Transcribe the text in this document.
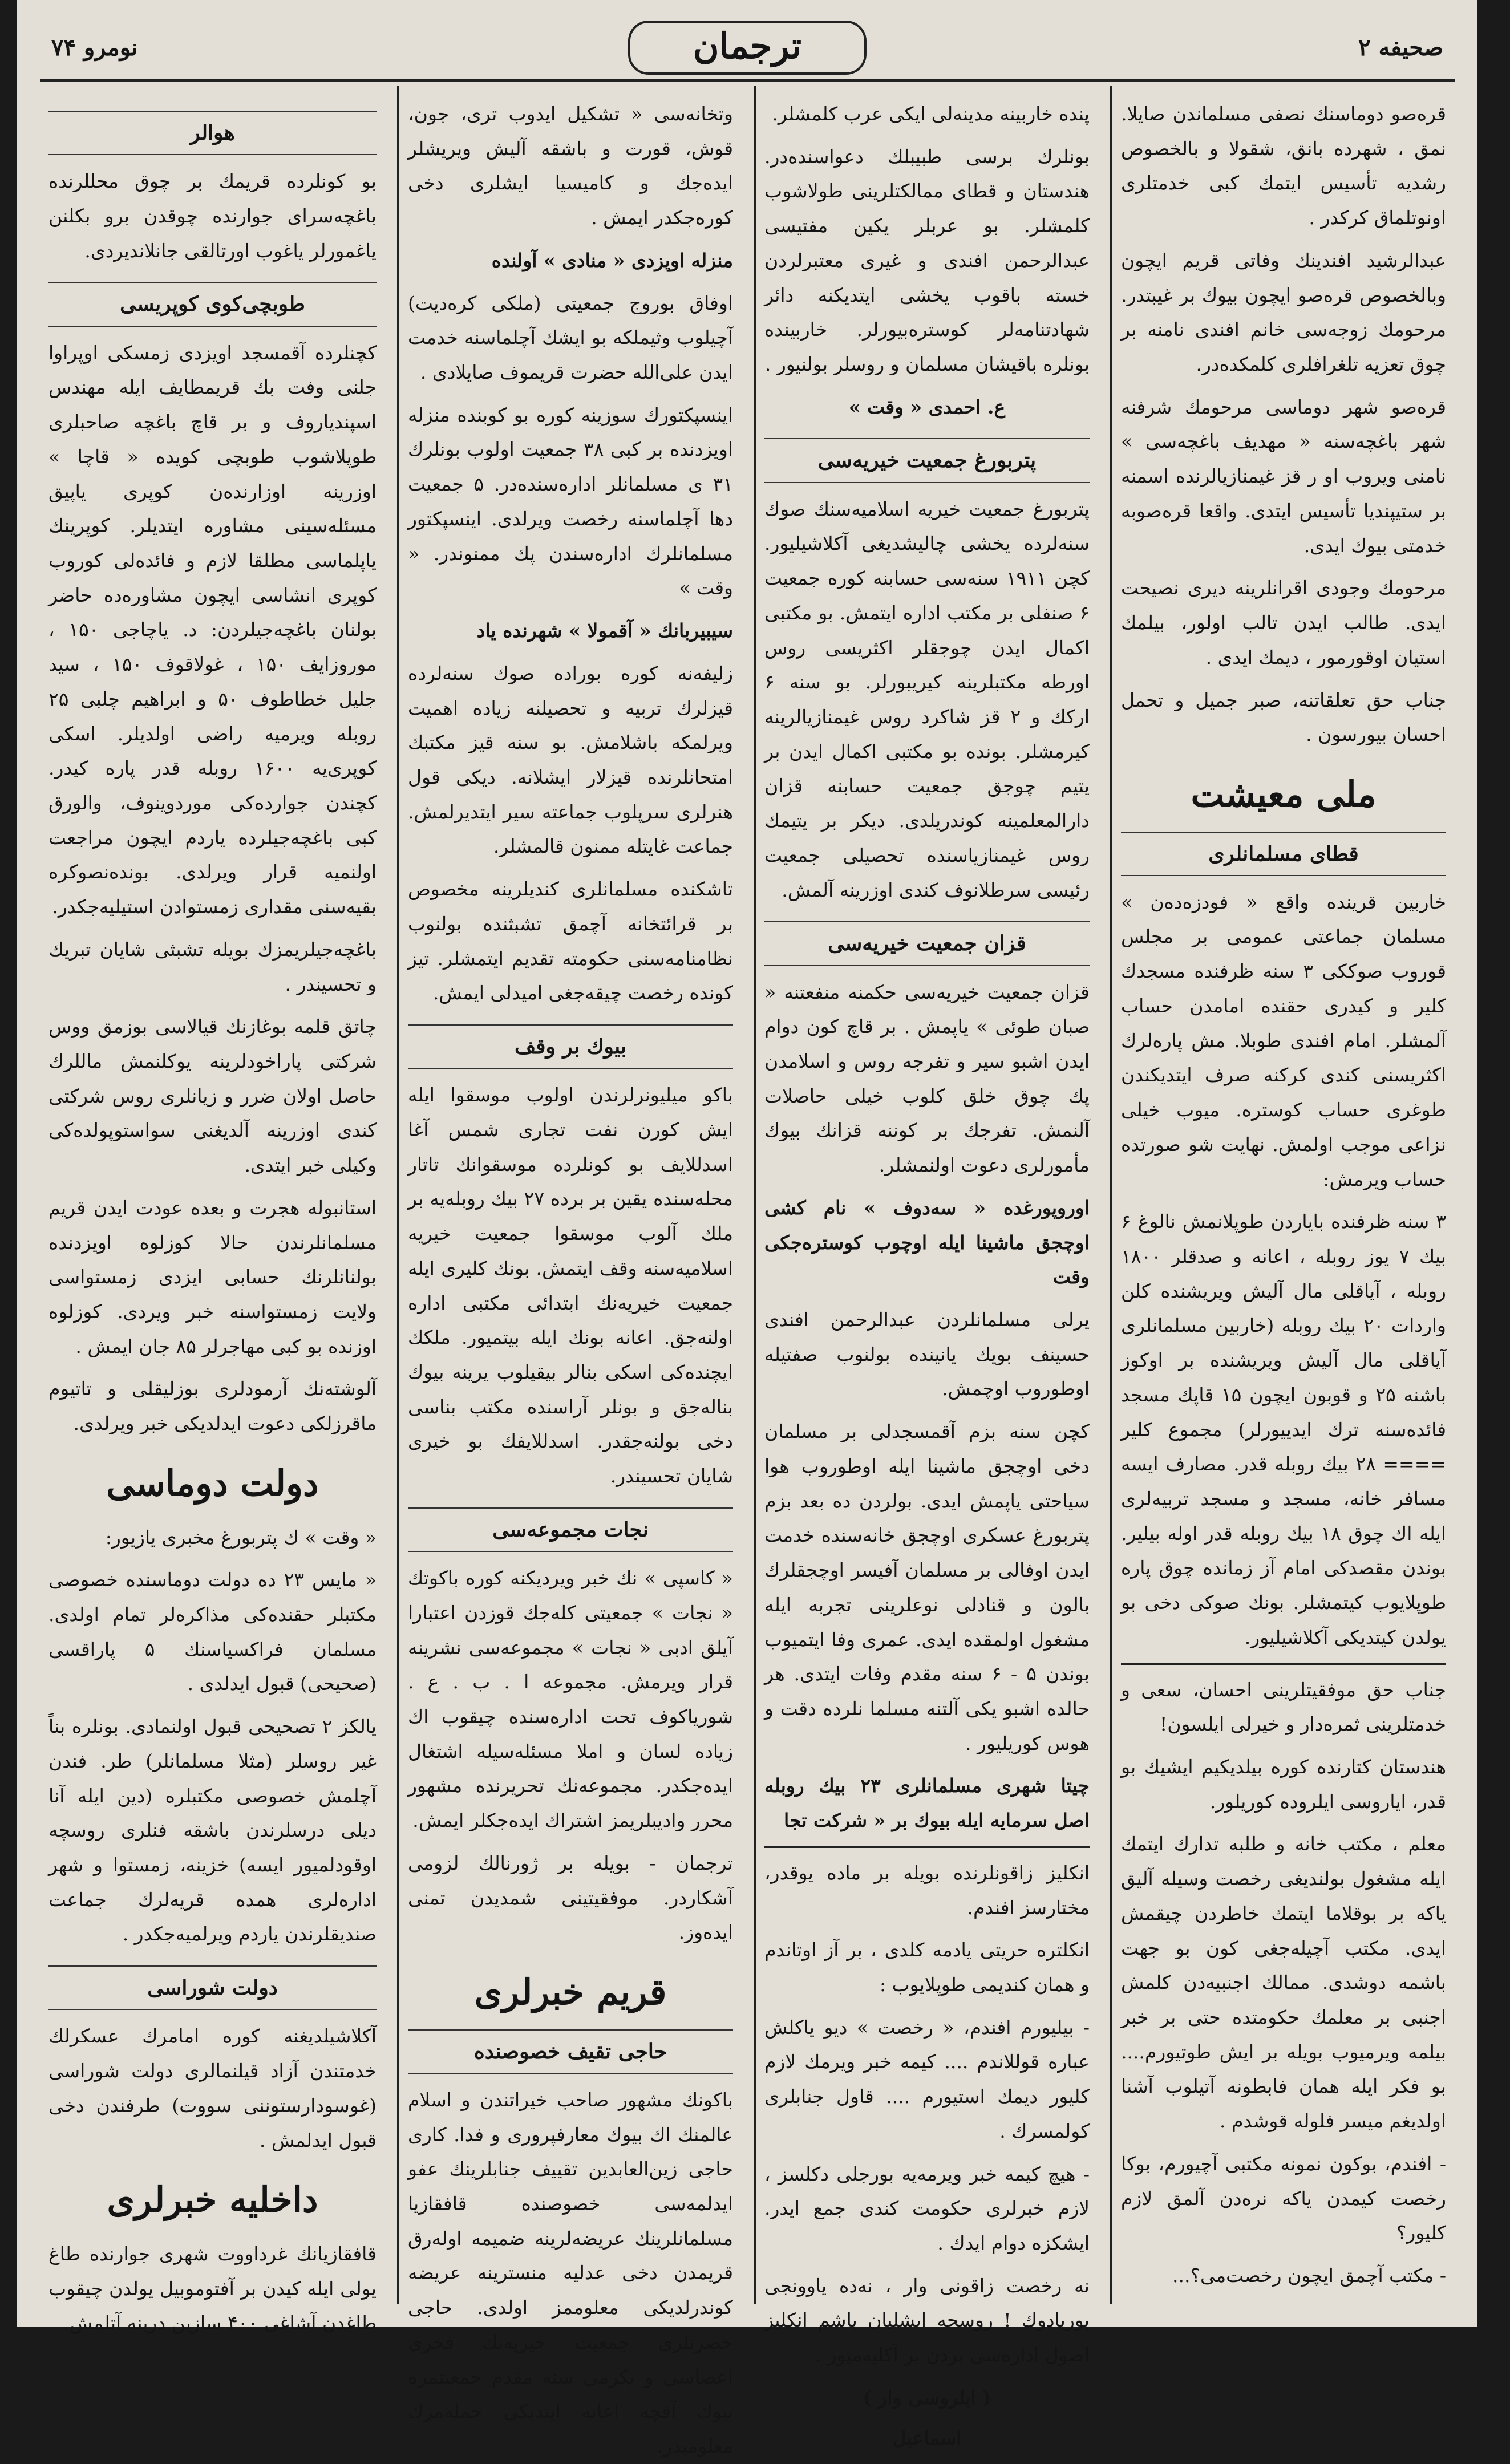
صحیفه ۲
ترجمان
نومرو ۷۴

قره‌صو دوماسنك نصفی مسلماندن صایلا. نمق ، شهرده بانق، شقولا و بالخصوص رشدیه تأسیس ایتمك كبی خدمتلری اونوتلماق كركدر .

عبدالرشید افندینك وفاتی قریم ایچون وبالخصوص قره‌صو ایچون بیوك بر غیبتدر. مرحومك زوجه‌سی خانم افندی نامنه بر چوق تعزیه تلغرافلری كلمكده‌در.

قره‌صو شهر دوماسی مرحومك شرفنه شهر باغچه‌سنه « مهدیف باغچه‌سی » نامنی ویروب او ر قز غیمنازیالرنده اسمنه بر ستیپندیا تأسیس ایتدی. واقعا قره‌صوبه خدمتی بیوك ایدی.

مرحومك وجودی اقرانلرینه دیری نصیحت ایدی. طالب ایدن تالب اولور، بیلمك استیان اوقورمور ، دیمك ایدی .

جناب حق تعلقاتنه، صبر جمیل و تحمل احسان بیورسون .

ملی معیشت
قطای مسلمانلری

خاربین قرینده واقع « فودزه‌ده‌ن » مسلمان جماعتی عمومی بر مجلس قوروب صوككی ۳ سنه ظرفنده مسجدك كلیر و كیدری حقنده امامدن حساب آلمشلر. امام افندی طوبلا. مش پاره‌لرك اكثریسنی كندی كركنه صرف ایتدیكندن طوغری حساب كوستره. میوب خیلی نزاعی موجب اولمش. نهایت شو صورتده حساب ویرمش:

۳ سنه ظرفنده بایاردن طوپلانمش نالوغ ۶ بیك ۷ یوز روبله ، اعانه و صدقلر ۱۸۰۰ روبله ، آیاقلی مال آلیش ویریشنده كلن واردات ۲۰ بیك روبله (خاربین مسلمانلری آیاقلی مال آلیش ویریشنده بر اوكوز باشنه ۲۵ و قوبون ایچون ۱۵ قاپك مسجد فائده‌سنه ترك ایدییورلر) مجموع كلیر ==== ۲۸ بیك روبله قدر. مصارف ایسه مسافر خانه، مسجد و مسجد تربیه‌لری ایله اك چوق ۱۸ بیك روبله قدر اوله بیلیر. بوندن مقصدكی امام آز زمانده چوق پاره طوپلایوب كیتمشلر. بونك صوكی دخی بو یولدن كیتدیكی آكلاشیلیور.

جناب حق موفقیتلرینی احسان، سعی و خدمتلرینی ثمره‌دار و خیرلی ایلسون!

هندستان كتارنده كوره بیلدیكیم ایشیك بو قدر، ایاروسی ایلروده كوریلور.

معلم ، مكتب خانه و طلبه تدارك ایتمك ایله مشغول بولندیغی رخصت وسیله آلیق یاكه بر بوقلاما ایتمك خاطردن چیقمش ایدی. مكتب آچیله‌جغی كون بو جهت باشمه دوشدی. ممالك اجنبیه‌دن كلمش اجنبی بر معلمك حكومتده حتی بر خبر بیلمه ویرمیوب بویله بر ایش طوتیورم.... بو فكر ایله همان فابطونه آتیلوب آشنا اولدیغم میسر فلوله قوشدم .

- افندم، بوكون نمونه مكتبی آچیورم، بوكا رخصت كیمدن یاكه نره‌دن آلمق لازم كلیور؟

- مكتب آچمق ایچون رخصت‌می؟...

پنده خاربینه مدینه‌لی ایكی عرب كلمشلر.

بونلرك برسی طبیبلك دعواسنده‌در. هندستان و قطای ممالكتلرینی طولاشوب كلمشلر. بو عربلر یكین مفتیسی عبدالرحمن افندی و غیری معتبرلردن خسته باقوب یخشی ایتدیكنه دائر شهادتنامه‌لر كوستره‌بیورلر. خاربینده بونلره باقیشان مسلمان و روسلر بولنیور .

ع. احمدی « وقت »
پتربورغ جمعیت خیریه‌سی

پتربورغ جمعیت خیریه اسلامیه‌سنك صوك سنه‌لرده یخشی چالیشدیغی آكلاشیلیور. كچن ۱۹۱۱ سنه‌سی حسابنه كوره جمعیت ۶ صنفلی بر مكتب اداره ایتمش. بو مكتبی اكمال ایدن چوجقلر اكثریسی روس اورطه مكتبلرینه كیریبورلر. بو سنه ۶ اركك و ۲ قز شاكرد روس غیمنازیالرینه كیرمشلر. بونده بو مكتبی اكمال ایدن بر یتیم چوجق جمعیت حسابنه قزان دارالمعلمینه كوندریلدی. دیكر بر یتیمك روس غیمنازیاسنده تحصیلی جمعیت رئیسی سرطلانوف كندی اوزرینه آلمش.

قزان جمعیت خیریه‌سی

قزان جمعیت خیریه‌سی حكمنه منفعتنه « صبان طوئی » یاپمش . بر قاچ كون دوام ایدن اشبو سیر و تفرجه روس و اسلامدن پك چوق خلق كلوب خیلی حاصلات آلنمش. تفرجك بر كوننه قزانك بیوك مأمورلری دعوت اولنمشلر.

اوروپورغده « سه‌دوف » نام كشی اوچجق ماشینا ایله اوچوب كوستره‌جكی وقت

یرلی مسلمانلردن عبدالرحمن افندی حسینف بویك یانینده بولنوب صفتیله اوطوروب اوچمش.

كچن سنه بزم آقمسجدلی بر مسلمان دخی اوچجق ماشینا ایله اوطوروب هوا سیاحتی یاپمش ایدی. بولردن ده بعد بزم پتربورغ عسكری اوچجق خانه‌سنده خدمت ایدن اوفالی بر مسلمان آفیسر اوچجقلرك بالون و قنادلی نوعلرینی تجربه ایله مشغول اولمقده ایدی. عمری وفا ایتمیوب بوندن ۵ - ۶ سنه مقدم وفات ایتدی. هر حالده اشبو یكی آلتنه مسلما نلرده دقت و هوس كوریلیور .

چیتا شهری مسلمانلری ۲۳ بیك روبله اصل سرمایه ایله بیوك بر « شركت تجا

انكلیز زاقونلرنده بویله بر ماده یوقدر، مختارسز افندم.

انكلتره حریتی یادمه كلدی ، بر آز اوتاندم و همان كندیمی طوپلایوب :

- بیلیورم افندم، « رخصت » دیو ياكلش عباره قوللاندم .... كیمه خبر ویرمك لازم كلیور دیمك استیورم .... قاول جنابلری كولمسرك .

- هیچ كیمه خبر ویرمه‌یه بورجلی دكلسز ، لازم خبرلری حكومت كندی جمع ایدر. ایشكزه دوام ایدك .

نه رخصت زاقونی وار ، نه‌ده یاوونجی پوریادوك ! روسجه ایشلیان باشم انكلیز اصول اداره‌سی بردن بر آكلیه‌میور .

( ایلرو‌سی وار )
اسماعیل

وتخانه‌سی « تشكیل ایدوب تری، جون، قوش، قورت و باشقه آلیش ویریشلر ایدەجك و كامیسیا ایشلری دخی كوره‌جكدر ایمش .

منزله اوپزدی « منادی » آولنده

اوفاق بوروج جمعیتی (ملكی كرەدیت) آچیلوب وثیملكه بو ایشك آچلماسنه خدمت ایدن علی‌الله حضرت قریموف صایلادی .

اینسپكتورك سوزینه كوره بو كوبنده منزله اویزدنده بر كبی ۳۸ جمعیت اولوب بونلرك ۳۱ ی مسلمانلر اداره‌سنده‌در. ۵ جمعیت دها آچلماسنه رخصت ویرلدی. اینسپكتور مسلمانلرك اداره‌سندن پك ممنوندر. « وقت »

سیبیربانك « آقمولا » شهرنده یاد

زلیفه‌نه كوره بوراده صوك سنه‌لرده قیزلرك تربیه و تحصیلنه زیاده اهمیت ویرلمكه باشلامش. بو سنه قیز مكتبك امتحانلرنده قیزلار ایشلانه. دیكی قول هنرلری سرپلوب جماعته سیر ایتدیرلمش. جماعت غایتله ممنون قالمشلر.

تاشكنده مسلمانلری كندیلرینه مخصوص بر قرائتخانه آچمق تشبثنده بولنوب نظامنامەسنی حكومته تقدیم ایتمشلر. تیز كونده رخصت چیقه‌جغی امیدلی ایمش.

بیوك بر وقف

باكو میلیونرلرندن اولوب موسقوا ایله ایش كورن نفت تجاری شمس آغا اسدللایف بو كونلرده موسقوانك تاتار محله‌سنده یقین بر برده ۲۷ بیك روبله‌یه بر ملك آلوب موسقوا جمعیت خیریه اسلامیه‌سنه وقف ایتمش. بونك كلیری ایله جمعیت خیریه‌نك ابتدائی مكتبی اداره اولنه‌جق. اعانه بونك ایله بیتمیور. ملكك ایچنده‌كی اسكی بنالر بیقیلوب یرینه بیوك بناله‌جق و بونلر آراسنده مكتب بناسی دخی بولنه‌جقدر. اسدللایفك بو خیری شایان تحسیندر.

نجات مجموعه‌سی

« كاسپی » نك خبر ویردیكنه كوره باكوتك « نجات » جمعیتی كله‌جك قوزدن اعتبارا آیلق ادبی « نجات » مجموعه‌سی نشرینه قرار ویرمش. مجموعه ا . ب . ع . شوریاكوف تحت اداره‌سنده چیقوب اك زیاده لسان و املا مسئله‌سیله اشتغال ایده‌جكدر. مجموعه‌نك تحریرنده مشهور محرر وادیبلریمز اشتراك ایده‌جكلر ایمش.

ترجمان - بویله بر ژورنالك لزومی آشكاردر. موفقیتینی شمدیدن تمنی ایده‌وز.

قریم خبرلری
حاجی تقیف خصوصنده

باكونك مشهور صاحب خیراتندن و اسلام عالمنك اك بیوك معارفپروری و فدا. كاری حاجی زین‌العابدین تقییف جنابلرینك عفو ایدلمه‌سی خصوصنده قافقازیا مسلمانلرینك عریضه‌لرینه ضمیمه اولەرق قریمدن دخی عدلیه منسترینه عریضه كوندرلدیكی معلوممز اولدی. حاجی حضرتلری جمعیت خیریه‌نك فخری اعضاسی و یكرمی سنه مقدم جمعیتمزه بیوك آقچه اعانه ایتدیكی جمله‌مزك معلومیدر.

هوالر

بو كونلرده قریمك بر چوق محللرنده باغچه‌سرای جوارنده چوقدن برو بكلنن یاغمورلر یاغوب اورتالقی جانلاندیردی.

طوبچی‌كوی كوپریسی

كچنلرده آقمسجد اویزدی زمسكی اوپراوا جلنی وفت بك قریمطایف ایله مهندس اسپندیاروف و بر قاچ باغچه صاحبلری طوپلاشوب طوبچی كویده « قاچا » اوزرینه اوزارنده‌ن كوپری یاپیق مسئله‌سینی مشاوره ایتدیلر. كوپرینك یاپلماسی مطلقا لازم و فائده‌لی كوروب كوپری انشاسی ایچون مشاوره‌ده حاضر بولنان باغچه‌جیلردن: د. یاچاجی ۱۵۰ ، موروزایف ۱۵۰ ، غولاقوف ۱۵۰ ، سید جلیل خطاطوف ۵۰ و ابراهیم چلبی ۲۵ روبله ویرمیه راضی اولدیلر. اسكی كوپری‌یه ۱۶۰۰ روبله قدر پاره كیدر. كچندن جوارده‌كی موردوینوف، والورق كبی باغچه‌جیلرده یاردم ایچون مراجعت اولنمیه قرار ویرلدی. بونده‌نصوكره بقیه‌سنی مقداری زمستوادن استیلیه‌جكدر.

باغچه‌جیلریمزك بویله تشبثی شایان تبریك و تحسیندر .

چاتق قلمه بوغازنك قیالاسی بوزمق ووس شركتی پاراخودلرینه یوكلنمش ماللرك حاصل اولان ضرر و زیانلری روس شركتی كندی اوزرینه آلدیغنی سواستوپولده‌كی وكیلی خبر ایتدی.

استانبوله هجرت و بعده عودت ایدن قریم مسلمانلرندن حالا كوزلوه اویزدنده بولنانلرنك حسابی ایزدی زمستواسی ولایت زمستواسنه خبر ویردی. كوزلوه اوزنده بو كبی مهاجرلر ۸۵ جان ایمش .

آلوشتەنك آرمودلری بوزلیقلی و تاتیوم ماقرزلكی دعوت ایدلدیكی خبر ویرلدی.

دولت دوماسی

« وقت » ك پتربورغ مخبری یازیور:

« مایس ۲۳ ده دولت دوماسنده خصوصی مكتبلر حقنده‌كی مذاكره‌لر تمام اولدی. مسلمان فراكسیاسنك ۵ پاراقسی (صحیحی) قبول ایدلدی .

یالكز ۲ تصحیحی قبول اولنمادی. بونلره بناً غیر روسلر (مثلا مسلمانلر) طر. فندن آچلمش خصوصی مكتبلره (دین ایله آنا دیلی درسلرندن باشقه فنلری روسچه اوقودلمیور ایسه) خزینه، زمستوا و شهر اداره‌لری همده قریه‌لرك جماعت صندیقلرندن یاردم ویرلمیه‌جكدر .

دولت شوراسی

آكلاشیلدیغنه كوره امامرك عسكرلك خدمتندن آزاد قیلنمالری دولت شوراسی (غوسودارستوننی سووت) طرفندن دخی قبول ایدلمش .

داخلیه خبرلری

قافقازیانك غرداووت شهری جوارنده طاغ یولی ایله كیدن بر آفتوموبیل یولدن چیقوب طاغدن آشاغی ۴۰۰ سازین درینه آتلمش.
